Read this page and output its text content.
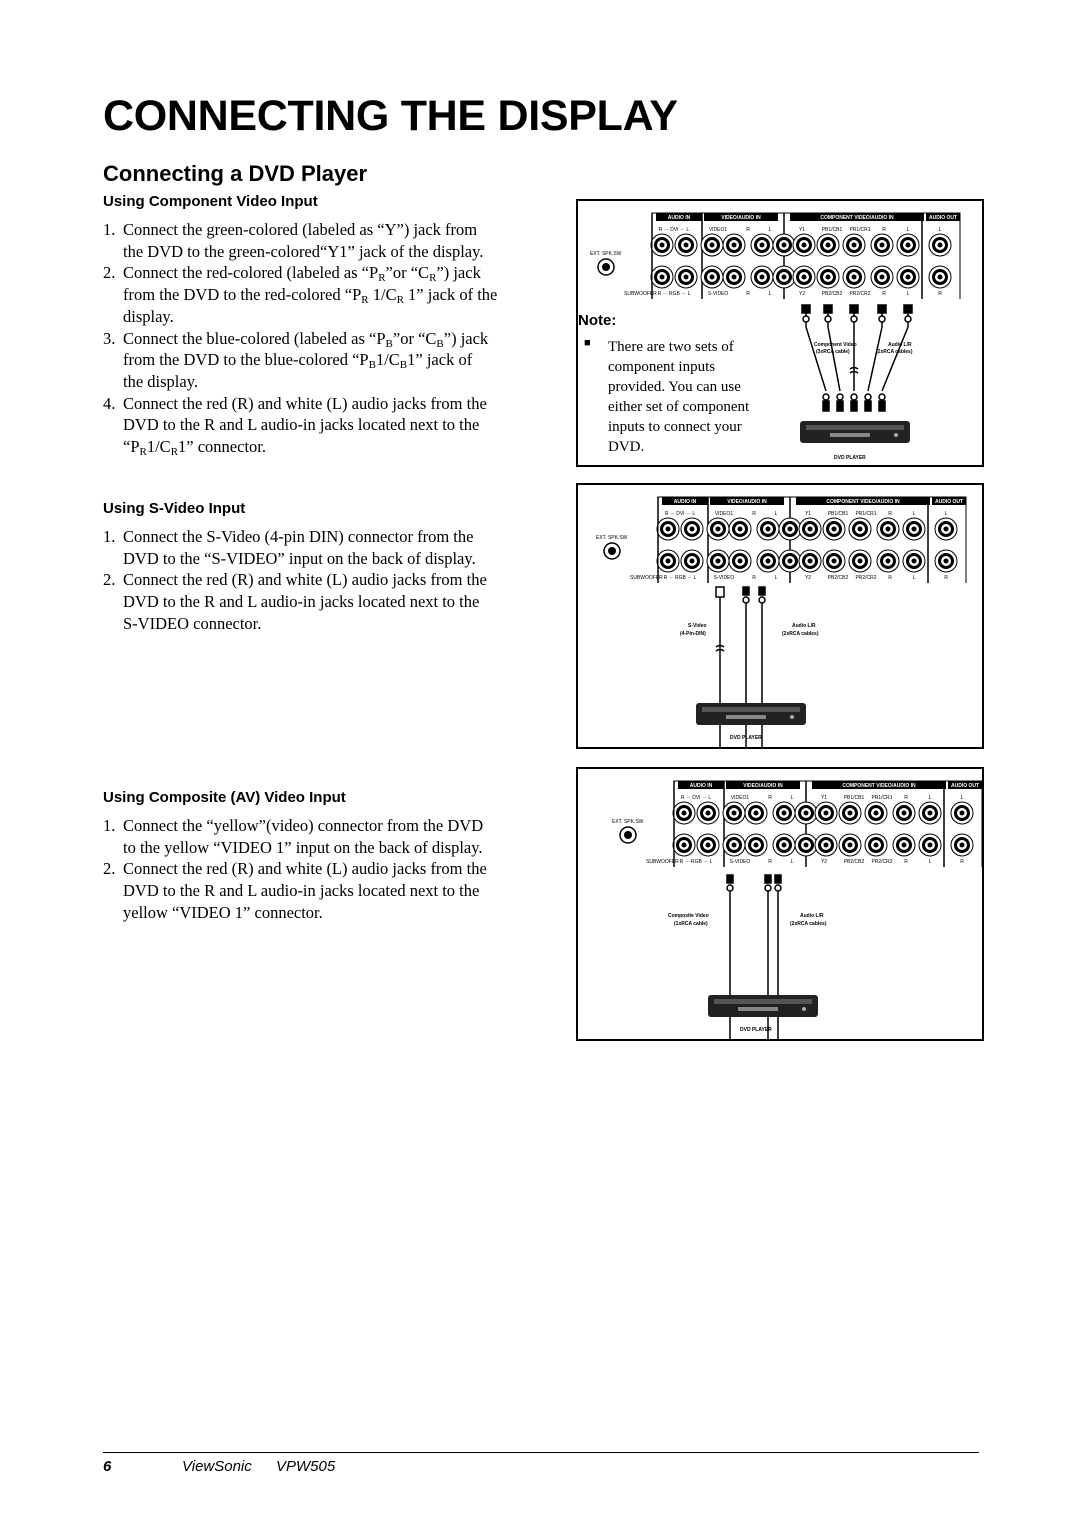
CONNECTING THE DISPLAY
Connecting a DVD Player
Using Component Video Input
1. Connect the green-colored (labeled as “Y”) jack from
the DVD to the green-colored“Y1” jack of the display.
2. Connect the red-colored (labeled as “$P_R”or$ “$C_R$”) jack
from the DVD to the red-colored “$P_R$ $1/C_R$ 1” jack of the
display.
3. Connect the blue-colored (labeled as “$P_B”or$ “$C_B$”) jack
from the DVD to the blue-colored “$P_B1/C_B1$” jack of
the display.
4. Connect the red (R) and white (L) audio jacks from the
DVD to the R and L audio-in jacks located next to the
“$P_R1/C_R1$” connector.
Using S-Video Input
1. Connect the S-Video (4-pin DIN) connector from the
DVD to the “S-VIDEO” input on the back of display.
2. Connect the red (R) and white (L) audio jacks from the
DVD to the R and L audio-in jacks located next to the
S-VIDEO connector.
Using Composite (AV) Video Input
1. Connect the “yellow”(video) connector from the DVD
to the yellow “VIDEO 1” input on the back of display.
2. Connect the red (R) and white (L) audio jacks from the
DVD to the R and L audio-in jacks located next to the
yellow “VIDEO 1” connector.
AUDIO IN	VIDEO/AUDIO IN	COMPONENT VIDEO/AUDIO IN	AUDIO OUT
R － DVI － L	VIDEO1	R	L	Y1	PB1/CB1 PR1/CR1 R	L	L
R － RGB － L	S-VIDEO	R	L	Y2	PB2/CB2 PR2/CR2 R	L	R
EXT. SPK.SW
SUBWOOFER
Component Video
(3xRCA cable)
Audio L/R
(2xRCA cables)
DVD PLAYER
Note:
■ There are two sets of
component inputs
provided. You can use
either set of component
inputs to connect your
DVD.
AUDIO IN	VIDEO/AUDIO IN	COMPONENT VIDEO/AUDIO IN	AUDIO OUT
R － DVI － L	VIDEO1	R	L	Y1	PB1/CB1 PR1/CR1 R	L	L
R － RGB － L	S-VIDEO	R	L	Y2	PB2/CB2 PR2/CR2 R	L	R
EXT. SPK.SW
SUBWOOFER
S-Video
(4-Pin-DIN)
Audio L/R
(2xRCA cables)
DVD PLAYER
AUDIO IN	VIDEO/AUDIO IN	COMPONENT VIDEO/AUDIO IN	AUDIO OUT
R － DVI － L	VIDEO1	R	L	Y1	PB1/CB1 PR1/CR1 R	L	L
R － RGB － L	S-VIDEO	R	L	Y2	PB2/CB2 PR2/CR2 R	L	R
EXT. SPK.SW
SUBWOOFER
Composite Video
(1xRCA cable)
Audio L/R
(2xRCA cables)
DVD PLAYER
6	ViewSonic VPW505
